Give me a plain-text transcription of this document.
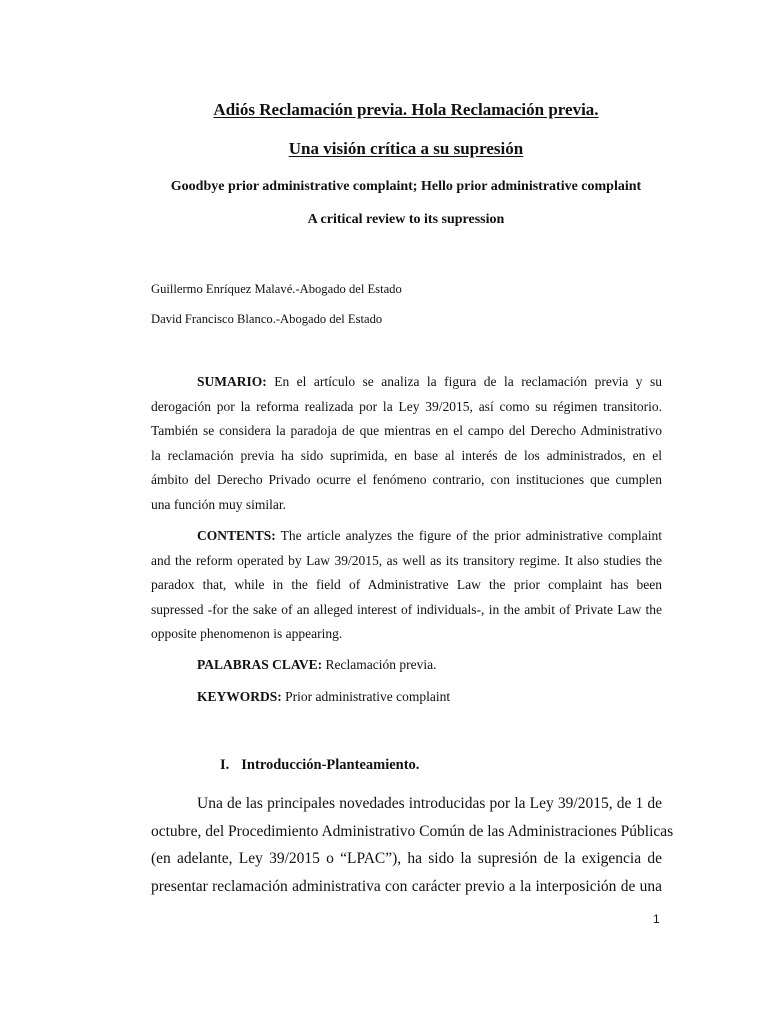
Adiós Reclamación previa. Hola Reclamación previa.
Una visión crítica a su supresión
Goodbye prior administrative complaint; Hello prior administrative complaint
A critical review to its supression
Guillermo Enríquez Malavé.-Abogado del Estado
David Francisco Blanco.-Abogado del Estado
SUMARIO: En el artículo se analiza la figura de la reclamación previa y su
derogación por la reforma realizada por la Ley 39/2015, así como su régimen transitorio.
También se considera la paradoja de que mientras en el campo del Derecho Administrativo
la reclamación previa ha sido suprimida, en base al interés de los administrados, en el
ámbito del Derecho Privado ocurre el fenómeno contrario, con instituciones que cumplen
una función muy similar.
CONTENTS: The article analyzes the figure of the prior administrative complaint
and the reform operated by Law 39/2015, as well as its transitory regime. It also studies the
paradox that, while in the field of Administrative Law the prior complaint has been
supressed -for the sake of an alleged interest of individuals-, in the ambit of Private Law the
opposite phenomenon is appearing.
PALABRAS CLAVE: Reclamación previa.
KEYWORDS: Prior administrative complaint
I. Introducción-Planteamiento.
Una de las principales novedades introducidas por la Ley 39/2015, de 1 de
octubre, del Procedimiento Administrativo Común de las Administraciones Públicas
(en adelante, Ley 39/2015 o “LPAC”), ha sido la supresión de la exigencia de
presentar reclamación administrativa con carácter previo a la interposición de una
1
